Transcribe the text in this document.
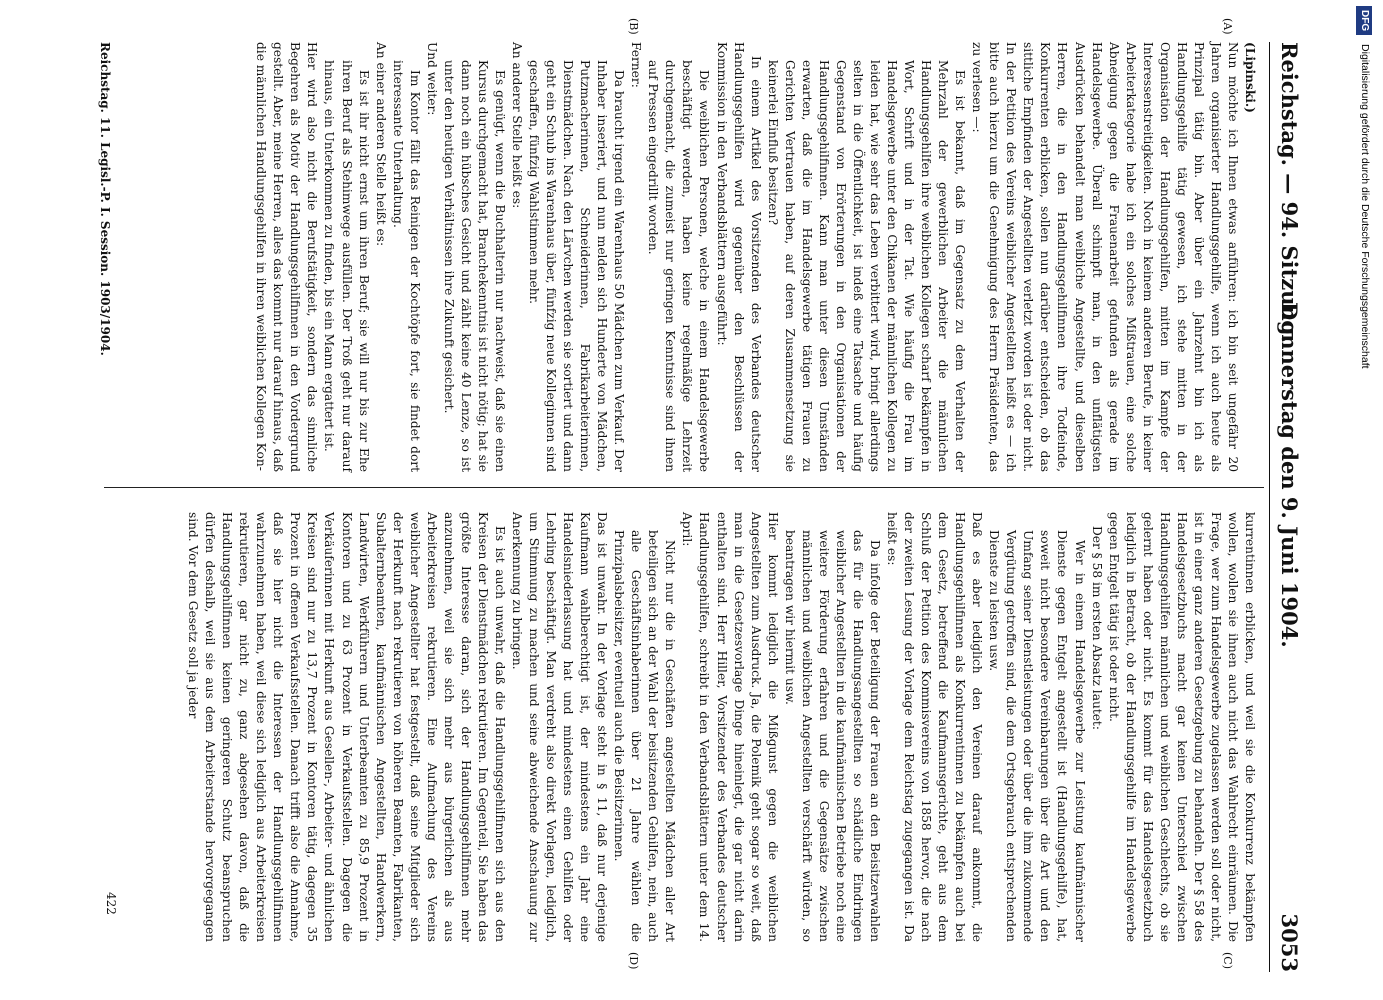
Reichstag. — 94. Sitzung.
Donnerstag den 9. Juni 1904.
3053
(A)
(B)
(C)
(D)

(Lipinski.)

Nun möchte ich Ihnen etwas anführen: ich bin seit ungefähr 20 Jahren organisierter Handlungsgehilfe, wenn ich auch heute als Prinzipal tätig bin. Aber über ein Jahrzehnt bin ich als Handlungsgehilfe tätig gewesen, ich stehe mitten in der Organisation der Handlungsgehilfen, mitten im Kampfe der Interessenstreitigkeiten. Noch in keinem anderen Berufe, in keiner Arbeiterkategorie habe ich ein solches Mißtrauen, eine solche Abneigung gegen die Frauenarbeit gefunden als gerade im Handelsgewerbe. Überall schimpft man, in den unflätigsten Ausdrücken behandelt man weibliche Angestellte, und dieselben Herren, die in den Handlungsgehilfinnen ihre Todfeinde, Konkurrenten erblicken, sollen nun darüber entscheiden, ob das sittliche Empfinden der Angestellten verletzt worden ist oder nicht. In der Petition des Vereins weiblicher Angestellten heißt es — ich bitte auch hierzu um die Genehmigung des Herrn Präsidenten, das zu verlesen —:

Es ist bekannt, daß im Gegensatz zu dem Verhalten der Mehrzahl der gewerblichen Arbeiter die männlichen Handlungsgehilfen ihre weiblichen Kollegen scharf bekämpfen in Wort, Schrift und in der Tat. Wie häufig die Frau im Handelsgewerbe unter den Chikanen der männlichen Kollegen zu leiden hat, wie sehr das Leben verbittert wird, bringt allerdings selten in die Öffentlichkeit, ist indeß eine Tatsache und häufig Gegenstand von Erörterungen in den Organisationen der Handlungsgehilfinnen. Kann man unter diesen Umständen erwarten, daß die im Handelsgewerbe tätigen Frauen zu Gerichten Vertrauen haben, auf deren Zusammensetzung sie keinerlei Einfluß besitzen?

In einem Artikel des Vorsitzenden des Verbandes deutscher Handlungsgehilfen wird gegenüber den Beschlüssen der Kommission in den Verbandsblättern ausgeführt:

Die weiblichen Personen, welche in einem Handelsgewerbe beschäftigt werden, haben keine regelmäßige Lehrzeit durchgemacht, die zumeist nur geringen Kenntnisse sind ihnen auf Pressen eingedrillt worden.

Ferner:

Da braucht irgend ein Warenhaus 50 Mädchen zum Verkauf. Der Inhaber inseriert, und nun melden sich Hunderte von Mädchen, Putzmacherinnen, Schneiderinnen, Fabrikarbeiterinnen, Dienstmädchen. Nach den Lärvchen werden sie sortiert und dann geht ein Schub ins Warenhaus über, fünfzig neue Kolleginnen sind geschaffen, fünfzig Wahlstimmen mehr.

An anderer Stelle heißt es:

Es genügt, wenn die Buchhalterin nur nachweist, daß sie einen Kursus durchgemacht hat, Branchekenntnis ist nicht nötig; hat sie dann noch ein hübsches Gesicht und zählt keine 40 Lenze, so ist unter den heutigen Verhältnissen ihre Zukunft gesichert.

Und weiter:

Im Kontor fällt das Reinigen der Kochtöpfe fort, sie findet dort interessante Unterhaltung.

An einer anderen Stelle heißt es:

Es ist ihr nicht ernst um ihren Beruf; sie will nur bis zur Ehe ihren Beruf als Stehimwege ausfüllen. Der Troß geht nur darauf hinaus, ein Unterkommen zu finden, bis ein Mann ergattert ist.

Hier wird also nicht die Berufstätigkeit, sondern das sinnliche Begehren als Motiv der Handlungsgehilfinnen in den Vordergrund gestellt. Aber, meine Herren, alles das kommt nur darauf hinaus, daß die männlichen Handlungsgehilfen in ihren weiblichen Kollegen Kon-

kurrentinnen erblicken, und weil sie die Konkurrenz bekämpfen wollen, wollen sie ihnen auch nicht das Wahlrecht einräumen. Die Frage, wer zum Handelsgewerbe zugelassen werden soll oder nicht, ist in einer ganz anderen Gesetzgebung zu behandeln. Der § 58 des Handelsgesetzbuchs macht gar keinen Unterschied zwischen Handlungsgehilfen männlichen und weiblichen Geschlechts, ob sie gelernt haben oder nicht. Es kommt für das Handelsgesetzbuch lediglich in Betracht, ob der Handlungsgehilfe im Handelsgewerbe gegen Entgelt tätig ist oder nicht.

Der § 58 im ersten Absatz lautet:

Wer in einem Handelsgewerbe zur Leistung kaufmännischer Dienste gegen Entgelt angestellt ist (Handlungsgehilfe), hat, soweit nicht besondere Vereinbarungen über die Art und den Umfang seiner Dienstleistungen oder über die ihm zukommende Vergütung getroffen sind, die dem Ortsgebrauch entsprechenden Dienste zu leisten usw.

Daß es aber lediglich den Vereinen darauf ankommt, die Handlungsgehilfinnen als Konkurrentinnen zu bekämpfen auch bei dem Gesetz, betreffend die Kaufmannsgerichte, geht aus dem Schluß der Petition des Kommisvereins von 1858 hervor, die nach der zweiten Lesung der Vorlage dem Reichstag zugegangen ist. Da heißt es:

Da infolge der Beteiligung der Frauen an den Beisitzerwahlen das für die Handlungsangestellten so schädliche Eindringen weiblicher Angestellten in die kaufmännischen Betriebe noch eine weitere Förderung erfahren und die Gegensätze zwischen männlichen und weiblichen Angestellten verschärft würden, so beantragen wir hiermit usw.

Hier kommt lediglich die Mißgunst gegen die weiblichen Angestellten zum Ausdruck. Ja, die Polemik geht sogar so weit, daß man in die Gesetzesvorlage Dinge hineinlegt, die gar nicht darin enthalten sind. Herr Hiller, Vorsitzender des Verbandes deutscher Handlungsgehilfen, schreibt in den Verbandsblättern unter dem 14. April:

Nicht nur die in Geschäften angestellten Mädchen aller Art beteiligen sich an der Wahl der beisitzenden Gehilfen, nein, auch alle Geschäftsinhaberinnen über 21 Jahre wählen die Prinzipalsbeisitzer, eventuell auch die Beisitzerinnen.

Das ist unwahr. In der Vorlage steht in § 11, daß nur derjenige Kaufmann wahlberechtigt ist, der mindestens ein Jahr eine Handelsniederlassung hat und mindestens einen Gehilfen oder Lehrling beschäftigt. Man verdreht also direkt Vorlagen, lediglich, um Stimmung zu machen und seine abweichende Anschauung zur Anerkennung zu bringen.

Es ist auch unwahr, daß die Handlungsgehilfinnen sich aus den Kreisen der Dienstmädchen rekrutieren. Im Gegenteil, Sie haben das größte Interesse daran, sich der Handlungsgehilfinnen mehr anzunehmen, weil sie sich mehr aus bürgerlichen als aus Arbeiterkreisen rekrutieren. Eine Aufmachung des Vereins weiblicher Angestellter hat festgestellt, daß seine Mitglieder sich der Herkunft nach rekrutieren von höheren Beamten, Fabrikanten, Subalternbeamten, kaufmännischen Angestellten, Handwerkern, Landwirten, Werkführern und Unterbeamten zu 85,9 Prozent in Kontoren und zu 63 Prozent in Verkaufsstellen. Dagegen die Verkäuferinnen mit Herkunft aus Gesellen-, Arbeiter- und ähnlichen Kreisen sind nur zu 13,7 Prozent in Kontoren tätig, dagegen 35 Prozent in offenen Verkaufsstellen. Danach trifft also die Annahme, daß sie hier nicht die Interessen der Handlungsgehilfinnen wahrzunehmen haben, weil diese sich lediglich aus Arbeiterkreisen rekrutieren, gar nicht zu, ganz abgesehen davon, daß die Handlungsgehilfinnen keinen geringeren Schutz beanspruchen dürfen deshalb, weil sie aus dem Arbeiterstande hervorgegangen sind. Vor dem Gesetz soll ja jeder

Reichstag. 11. Legisl.-P. I. Session. 1903/1904.
422
DFG Digitalisierung gefördert durch die Deutsche Forschungsgemeinschaft
